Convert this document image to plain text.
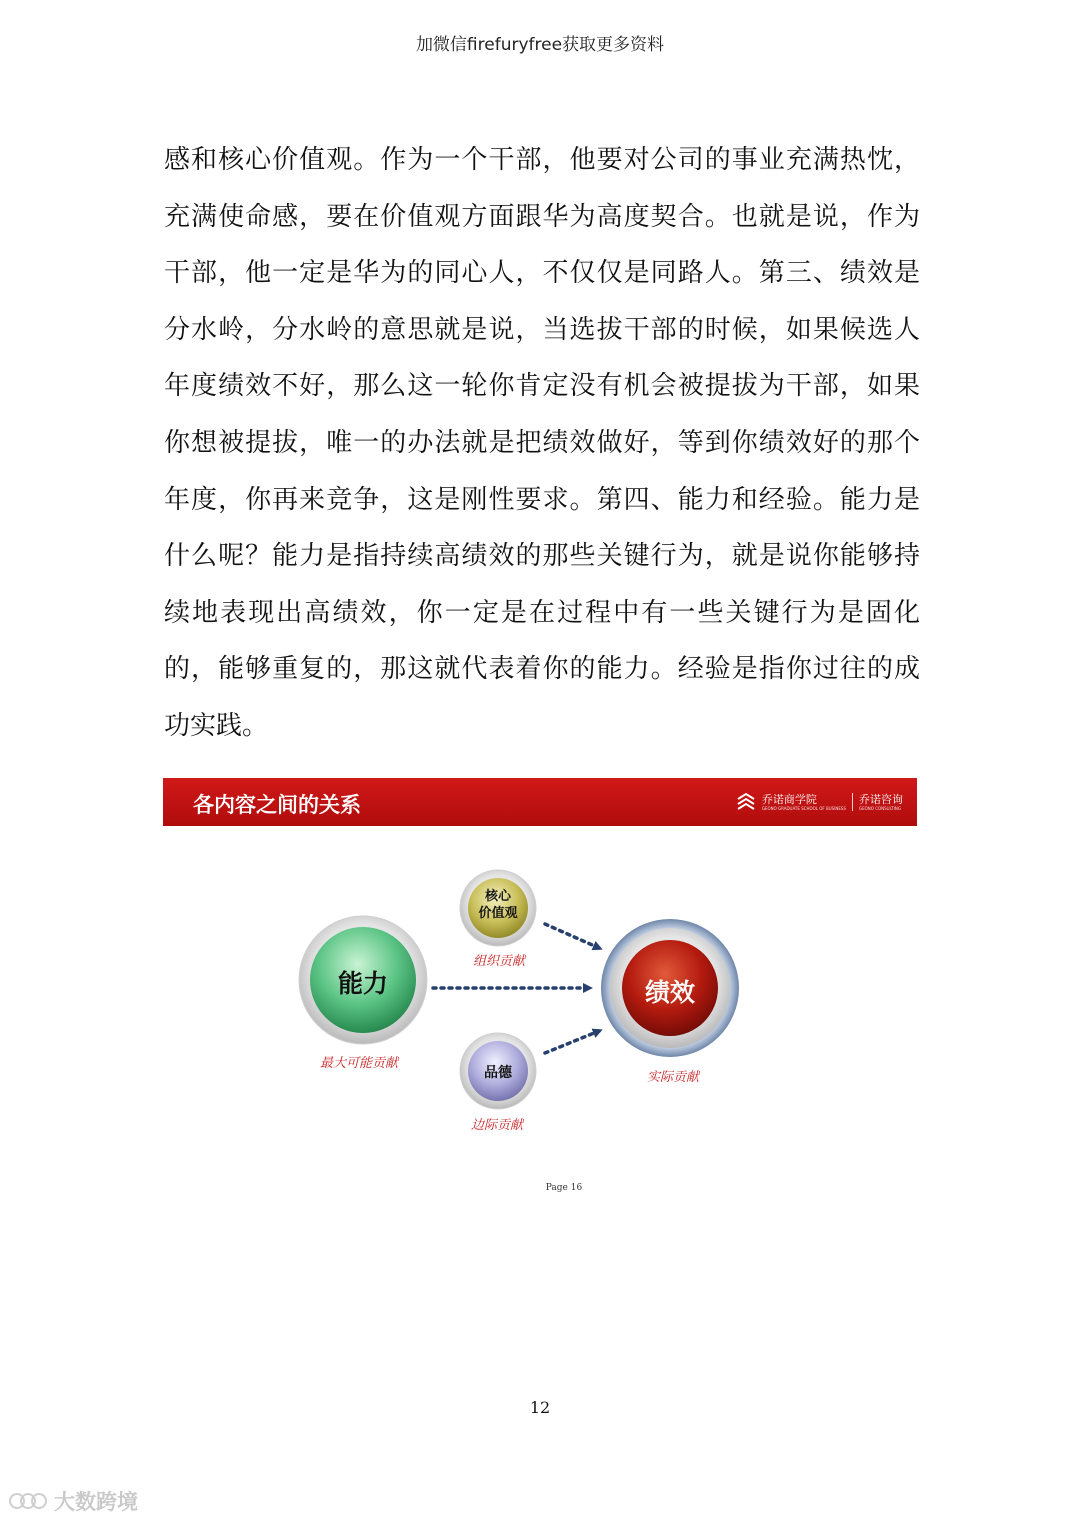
加微信firefuryfree获取更多资料
感和核心价值观。作为一个干部，他要对公司的事业充满热忱，
充满使命感，要在价值观方面跟华为高度契合。也就是说，作为
干部，他一定是华为的同心人，不仅仅是同路人。第三、绩效是
分水岭，分水岭的意思就是说，当选拔干部的时候，如果候选人
年度绩效不好，那么这一轮你肯定没有机会被提拔为干部，如果
你想被提拔，唯一的办法就是把绩效做好，等到你绩效好的那个
年度，你再来竞争，这是刚性要求。第四、能力和经验。能力是
什么呢？能力是指持续高绩效的那些关键行为，就是说你能够持
续地表现出高绩效，你一定是在过程中有一些关键行为是固化
的，能够重复的，那这就代表着你的能力。经验是指你过往的成
功实践。
各内容之间的关系	乔诺商学院
GEONO GRADUATE SCHOOL OF BUSINESS
乔诺咨询
GEONO CONSULTING
能力
核心
价值观
品德
绩效
最大可能贡献
组织贡献
边际贡献
实际贡献
Page 16
12
大数跨境
